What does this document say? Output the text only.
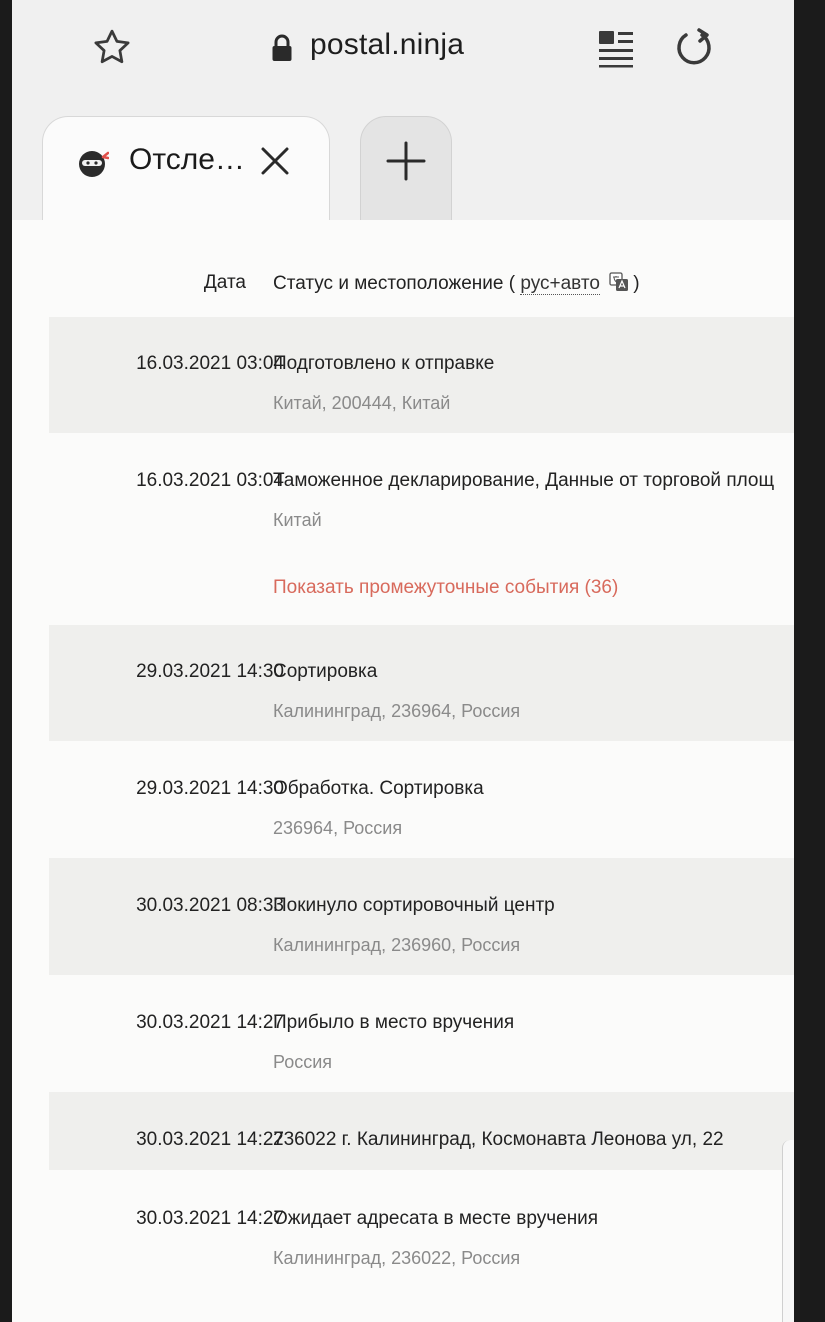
postal.ninja
Отсле…
Дата Статус и местоположение ( рус+авто )
16.03.2021 03:04
Подготовлено к отправке
Китай, 200444, Китай
16.03.2021 03:04
Таможенное декларирование, Данные от торговой площ
Китай
Показать промежуточные события (36)
29.03.2021 14:30
Сортировка
Калининград, 236964, Россия
29.03.2021 14:30
Обработка. Сортировка
236964, Россия
30.03.2021 08:33
Покинуло сортировочный центр
Калининград, 236960, Россия
30.03.2021 14:27
Прибыло в место вручения
Россия
30.03.2021 14:27
236022 г. Калининград, Космонавта Леонова ул, 22
30.03.2021 14:27
Ожидает адресата в месте вручения
Калининград, 236022, Россия
